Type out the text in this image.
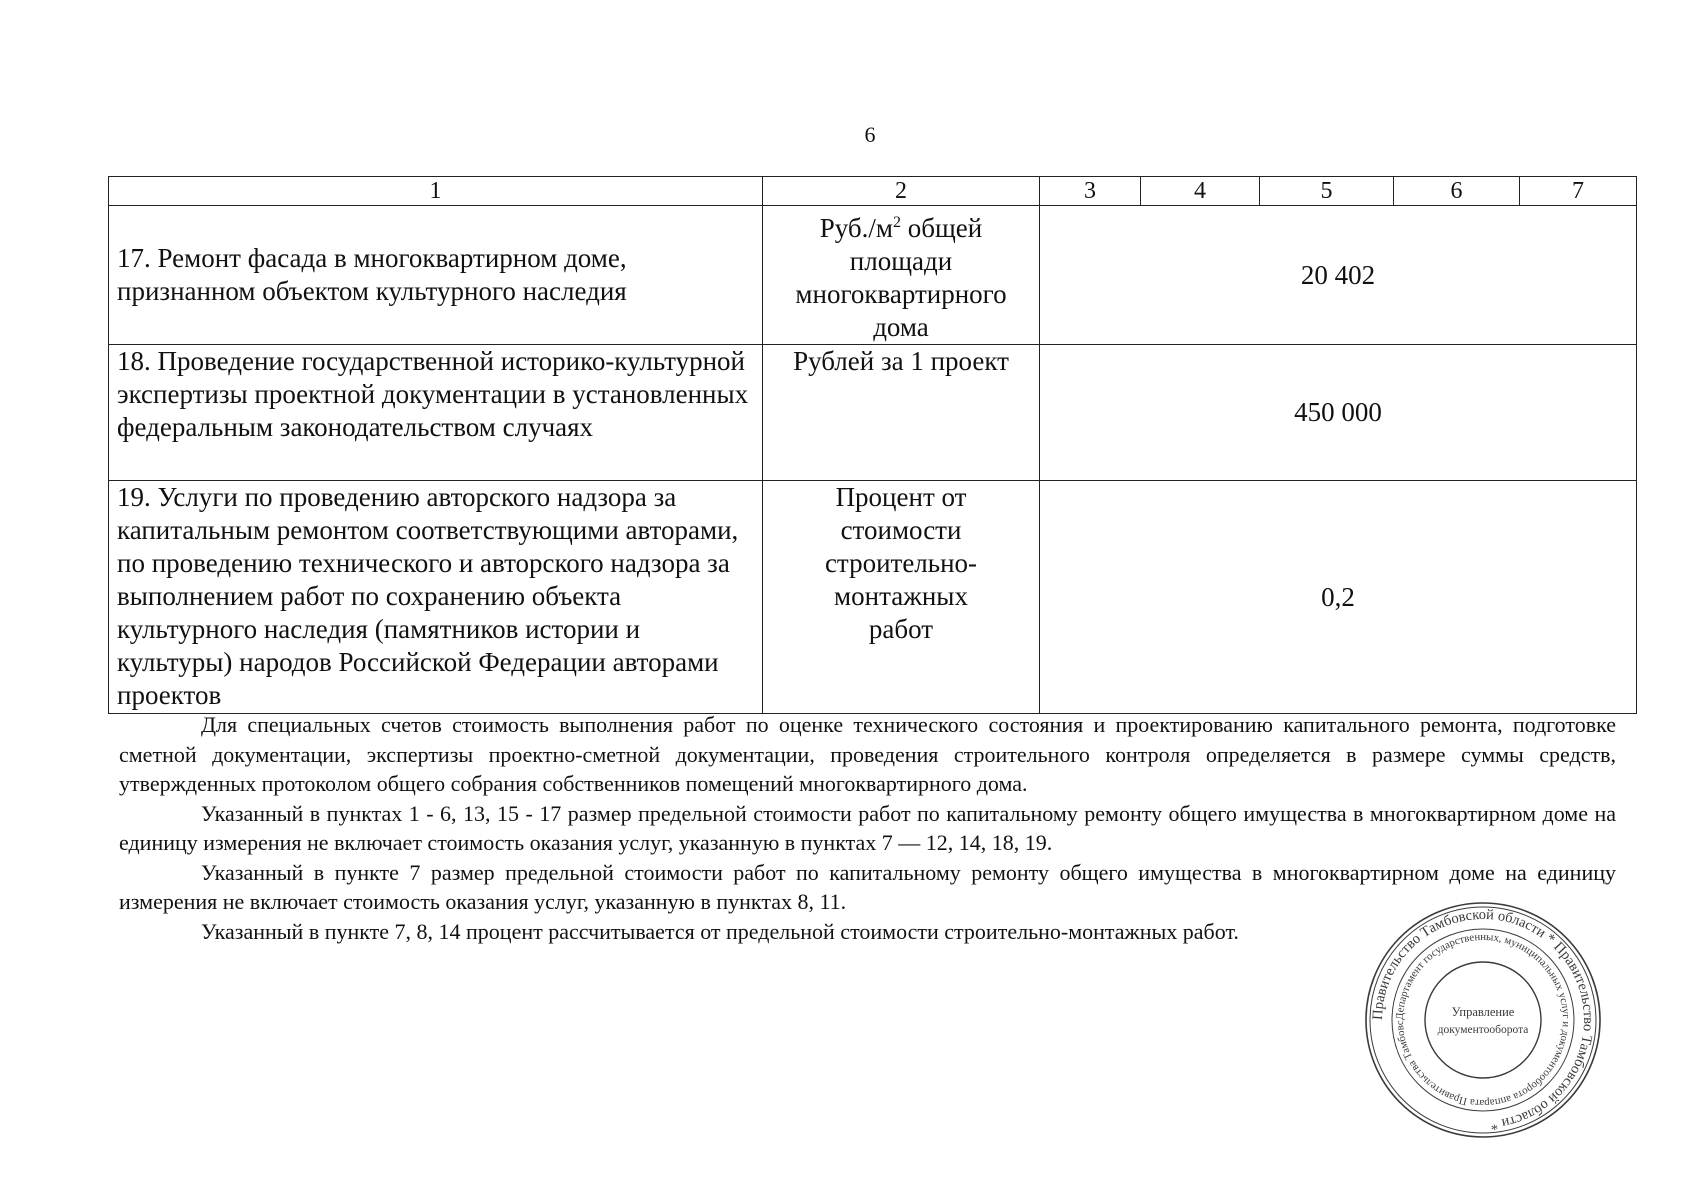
6
1	2	3	4	5	6	7
17. Ремонт фасада в многоквартирном доме, признанном объектом культурного наследия	$Руб./м^2$ общей площади многоквартирного дома	20 402				
18. Проведение государственной историко-культурной экспертизы проектной документации в установленных федеральным законодательством случаях	Рублей за 1 проект	450 000				
19. Услуги по проведению авторского надзора за капитальным ремонтом соответствующими авторами, по проведению технического и авторского надзора за выполнением работ по сохранению объекта культурного наследия (памятников истории и культуры) народов Российской Федерации авторами проектов	Процент от стоимости строительно-монтажных работ	0,2				

Для специальных счетов стоимость выполнения работ по оценке технического состояния и проектированию капитального ремонта, подготовке сметной документации, экспертизы проектно-сметной документации, проведения строительного контроля определяется в размере суммы средств, утвержденных протоколом общего собрания собственников помещений многоквартирного дома.

Указанный в пунктах 1 - 6, 13, 15 - 17 размер предельной стоимости работ по капитальному ремонту общего имущества в многоквартирном доме на единицу измерения не включает стоимость оказания услуг, указанную в пунктах 7 — 12, 14, 18, 19.

Указанный в пункте 7 размер предельной стоимости работ по капитальному ремонту общего имущества в многоквартирном доме на единицу измерения не включает стоимость оказания услуг, указанную в пунктах 8, 11.

Указанный в пункте 7, 8, 14 процент рассчитывается от предельной стоимости строительно-монтажных работ.

Правительство Тамбовской области * Правительство Тамбовской области *
Департамент государственных, муниципальных услуг и документооборота аппарата Правительства Тамбовс
Управление
документооборота
